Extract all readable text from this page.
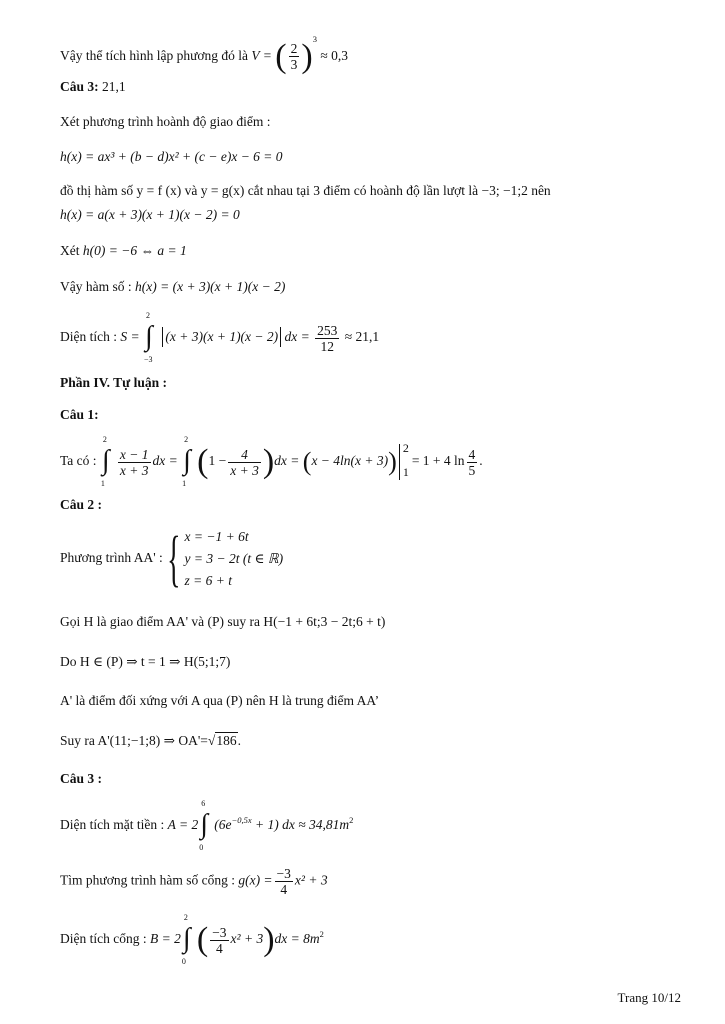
Vậy thể tích hình lập phương đó là V = ( $\frac{2}{3} )^3 \approx 0,3$
Câu 3: 21,1
Xét phương trình hoành độ giao điểm :
h(x) = ax³ + (b − d)x² + (c − e)x − 6 = 0
đồ thị hàm số y = f (x) và y = g(x) cắt nhau tại 3 điểm có hoành độ lần lượt là −3; −1;2 nên
h(x) = a(x + 3)(x + 1)(x − 2) = 0
Xét h(0) = −6 ⇔ a = 1
Vậy hàm số : h(x) = (x + 3)(x + 1)(x − 2)
Diện tích : S =
2
∫
−3
(x + 3)(x + 1)(x − 2) dx = $\frac{253}{12} \approx 21,1$
Phần IV. Tự luận :
Câu 1:
Ta có :
2
∫
1
$\frac{x - 1}{x + 3}$ dx =
2
∫
1
$(1 - \frac{4}{x + 3} )dx = (x - 4\ln(x + 3))$ 2
1
= 1 + 4 $\ln \frac{4}{5}$ .
Câu 2 :
Phương trình AA' :{ x = −1 + 6t
y = 3 − 2t (t ∈ ℝ)
z = 6 + t
Gọi H là giao điểm AA' và (P) suy ra H(−1 + 6t;3 − 2t;6 + t)
Do H ∈ (P) ⇒ t = 1 ⇒ H(5;1;7)
A' là điểm đối xứng với A qua (P) nên H là trung điểm AA’
Suy ra A'(11;−1;8) ⇒ OA'=√186.
Câu 3 :
Diện tích mặt tiền : A = 2
6
∫
0
$(6e^{-0,5x} + 1)$ dx ≈ $34,81m^2$
Tìm phương trình hàm số cổng : $g(x) = \frac{-3}{4} x^2 + 3$
Diện tích cổng : B = 2
2
∫
0
( $\frac{-3}{4} x^2 + 3)dx = 8m^2$
Trang 10/12
